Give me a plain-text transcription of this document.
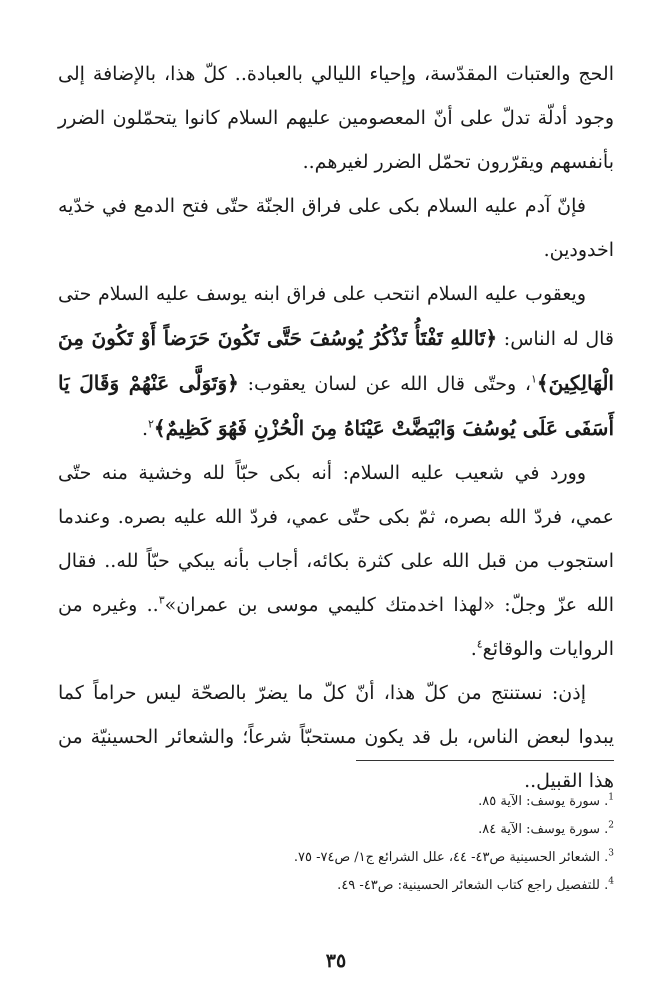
الحج والعتبات المقدّسة، وإحياء الليالي بالعبادة.. كلّ هذا، بالإضافة إلى وجود أدلّة تدلّ على أنّ المعصومين عليهم السلام كانوا يتحمّلون الضرر بأنفسهم ويقرّرون تحمّل الضرر لغيرهم..

فإنّ آدم عليه السلام بكى على فراق الجنّة حتّى فتح الدمع في خدّيه اخدودين.

ويعقوب عليه السلام انتحب على فراق ابنه يوسف عليه السلام حتى قال له الناس: ﴿تَاللهِ تَفْتَأُ تَذْكُرُ يُوسُفَ حَتَّى تَكُونَ حَرَضاً أَوْ تَكُونَ مِنَ الْهَالِكِينَ﴾$^١$، وحتّى قال الله عن لسان يعقوب: ﴿وَتَوَلَّى عَنْهُمْ وَقَالَ يَا أَسَفَى عَلَى يُوسُفَ وَابْيَضَّتْ عَيْنَاهُ مِنَ الْحُزْنِ فَهُوَ كَظِيمٌ﴾$^٢$.

وورد في شعيب عليه السلام: أنه بكى حبّاً لله وخشية منه حتّى عمي، فردّ الله بصره، ثمّ بكى حتّى عمي، فردّ الله عليه بصره. وعندما استجوب من قبل الله على كثرة بكائه، أجاب بأنه يبكي حبّاً لله.. فقال الله عزّ وجلّ: «لهذا اخدمتك كليمي موسى بن عمران»$^٣$.. وغيره من الروايات والوقائع$^٤$.

إذن: نستنتج من كلّ هذا، أنّ كلّ ما يضرّ بالصحّة ليس حراماً كما يبدوا لبعض الناس، بل قد يكون مستحبّاً شرعاً؛ والشعائر الحسينيّة من هذا القبيل..

$^1$. سورة يوسف: الآية ٨٥.

$^2$. سورة يوسف: الآية ٨٤.

$^3$. الشعائر الحسينية ص٤٣- ٤٤، علل الشرائع ج١/ ص٧٤- ٧٥.

$^4$. للتفصيل راجع كتاب الشعائر الحسينية: ص٤٣- ٤٩.

٣٥
